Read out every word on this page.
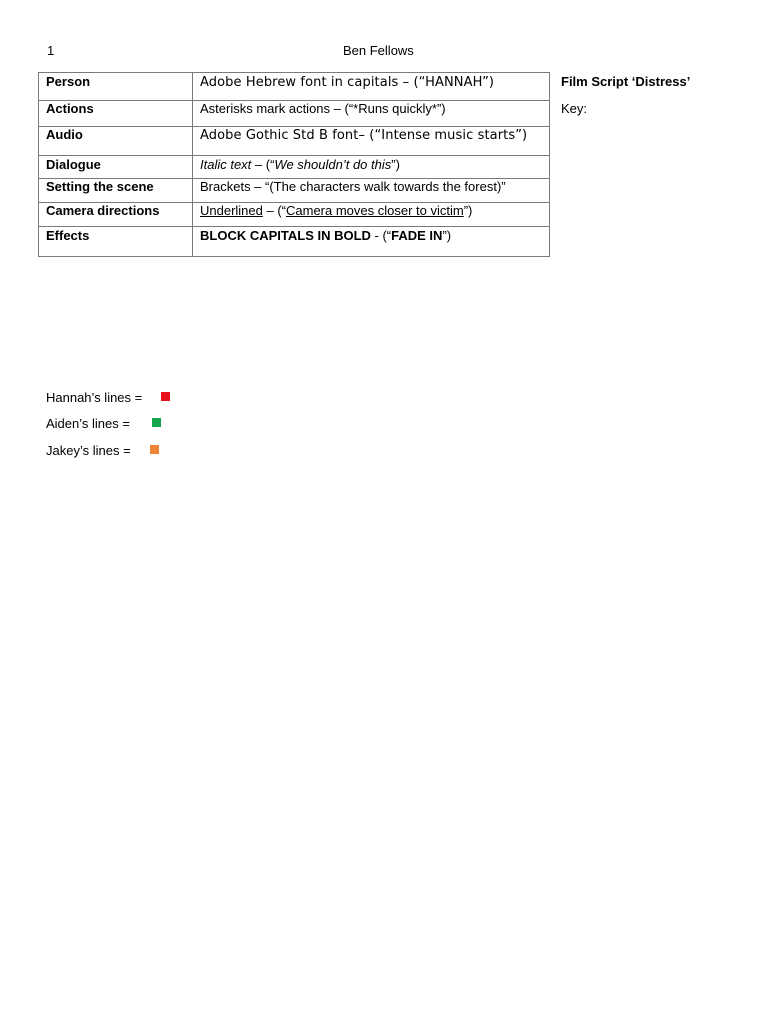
1	Ben Fellows
Person	Adobe Hebrew font in capitals – (“HANNAH”)
Actions	Asterisks mark actions – (“*Runs quickly*”)
Audio	Adobe Gothic Std B font– (“Intense music starts”)
Dialogue	Italic text – (“We shouldn’t do this”)
Setting the scene	Brackets – “(The characters walk towards the forest)”
Camera directions	Underlined – (“Camera moves closer to victim”)
Effects	BLOCK CAPITALS IN BOLD - (“FADE IN”)
Film Script ‘Distress’
Key:
Hannah’s lines =
Aiden’s lines =
Jakey’s lines =
